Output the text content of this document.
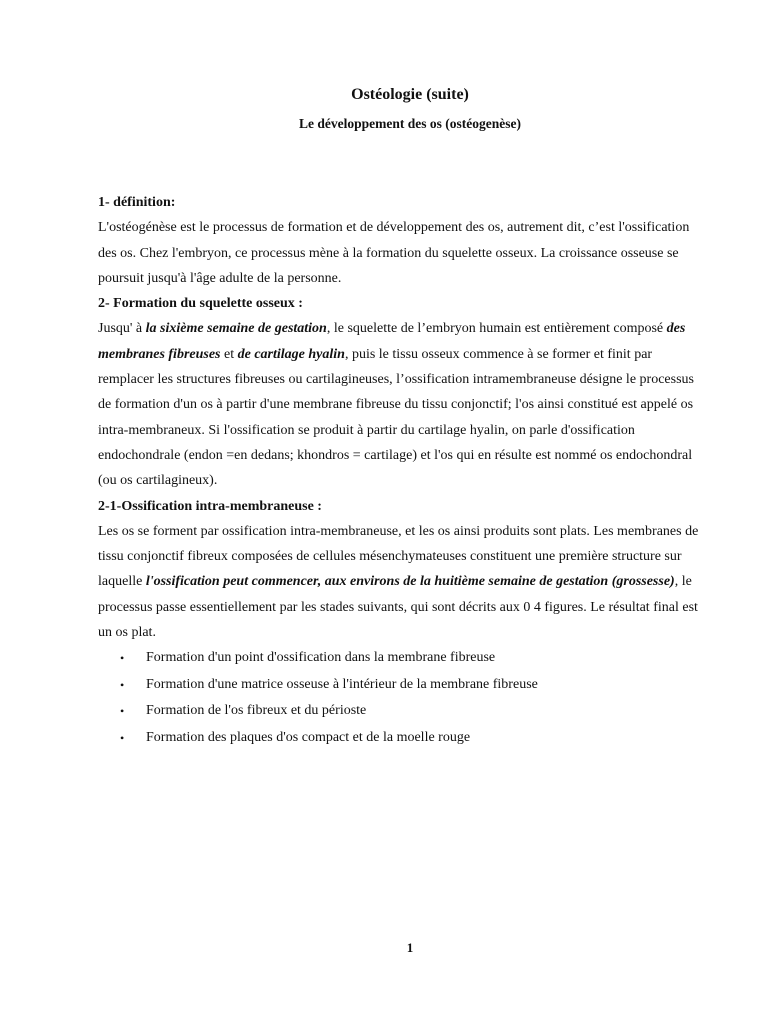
Ostéologie (suite)
Le développement des os (ostéogenèse)

1- définition:

L'ostéogénèse est le processus de formation et de développement des os, autrement dit, c’est l'ossification des os. Chez l'embryon, ce processus mène à la formation du squelette osseux. La croissance osseuse se poursuit jusqu'à l'âge adulte de la personne.

2- Formation du squelette osseux :

Jusqu' à la sixième semaine de gestation, le squelette de l’embryon humain est entièrement composé des membranes fibreuses et de cartilage hyalin, puis le tissu osseux commence à se former et finit par remplacer les structures fibreuses ou cartilagineuses, l’ossification intramembraneuse désigne le processus de formation d'un os à partir d'une membrane fibreuse du tissu conjonctif; l'os ainsi constitué est appelé os intra-membraneux. Si l'ossification se produit à partir du cartilage hyalin, on parle d'ossification endochondrale (endon =en dedans; khondros = cartilage) et l'os qui en résulte est nommé os endochondral (ou os cartilagineux).

2-1-Ossification intra-membraneuse :

Les os se forment par ossification intra-membraneuse, et les os ainsi produits sont plats. Les membranes de tissu conjonctif fibreux composées de cellules mésenchymateuses constituent une première structure sur laquelle l'ossification peut commencer, aux environs de la huitième semaine de gestation (grossesse), le processus passe essentiellement par les stades suivants, qui sont décrits aux 0 4 figures. Le résultat final est un os plat.

• Formation d'un point d'ossification dans la membrane fibreuse
• Formation d'une matrice osseuse à l'intérieur de la membrane fibreuse
• Formation de l'os fibreux et du périoste
• Formation des plaques d'os compact et de la moelle rouge
1
